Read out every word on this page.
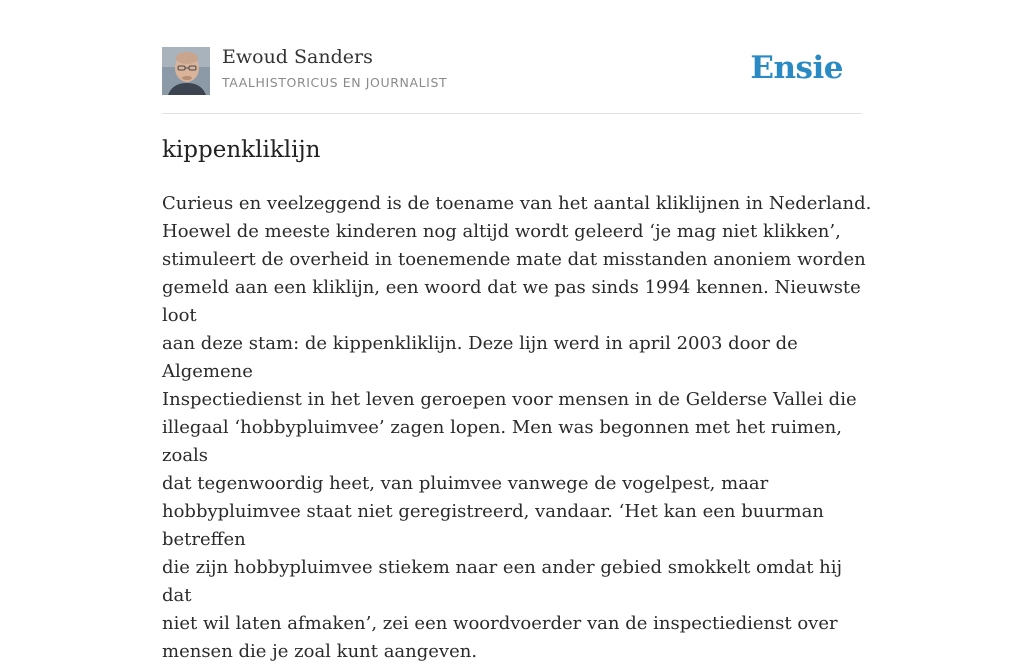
Ewoud Sanders
TAALHISTORICUS EN JOURNALIST	Ensie
kippenkliklijn

Curieus en veelzeggend is de toename van het aantal kliklijnen in Nederland.
Hoewel de meeste kinderen nog altijd wordt geleerd ‘je mag niet klikken’,
stimuleert de overheid in toenemende mate dat misstanden anoniem worden
gemeld aan een kliklijn, een woord dat we pas sinds 1994 kennen. Nieuwste loot
aan deze stam: de kippenkliklijn. Deze lijn werd in april 2003 door de Algemene
Inspectiedienst in het leven geroepen voor mensen in de Gelderse Vallei die
illegaal ‘hobbypluimvee’ zagen lopen. Men was begonnen met het ruimen, zoals
dat tegenwoordig heet, van pluimvee vanwege de vogelpest, maar
hobbypluimvee staat niet geregistreerd, vandaar. ‘Het kan een buurman betreffen
die zijn hobbypluimvee stiekem naar een ander gebied smokkelt omdat hij dat
niet wil laten afmaken’, zei een woordvoerder van de inspectiedienst over
mensen die je zoal kunt aangeven.
